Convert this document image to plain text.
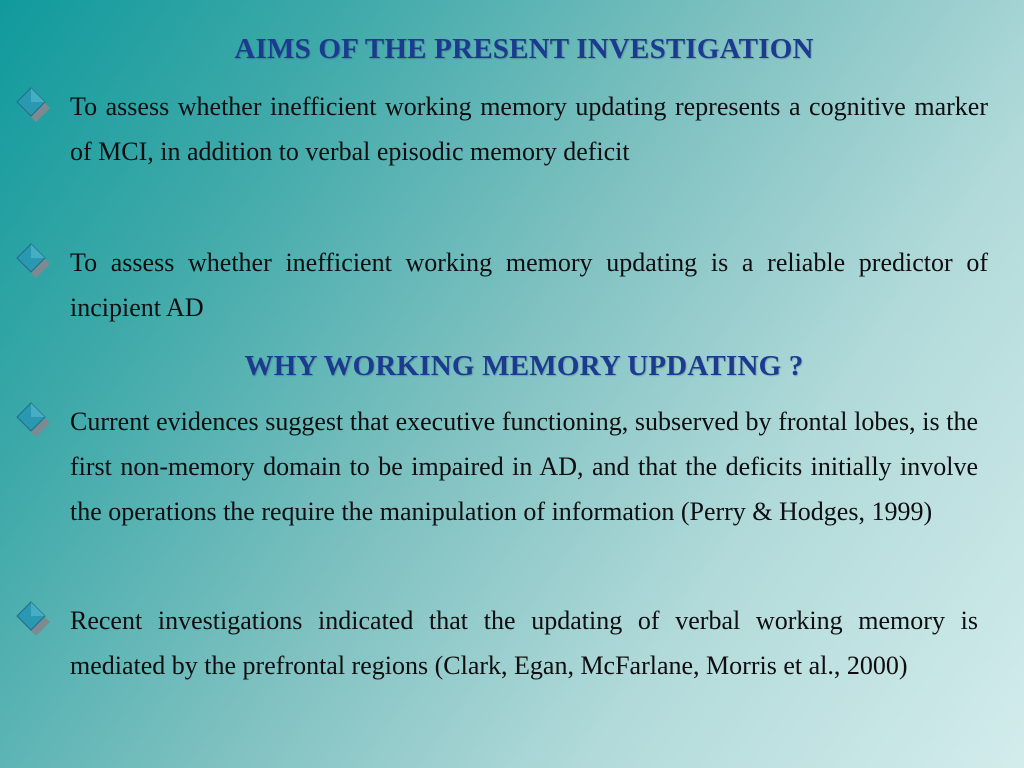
AIMS OF THE PRESENT INVESTIGATION
To assess whether inefficient working memory updating represents a cognitive marker of MCI, in addition to verbal episodic memory deficit
To assess whether inefficient working memory updating is a reliable predictor of incipient AD
WHY WORKING MEMORY UPDATING ?
Current evidences suggest that executive functioning, subserved by frontal lobes, is the first non-memory domain to be impaired in AD, and that the deficits initially involve the operations the require the manipulation of information (Perry & Hodges, 1999)
Recent investigations indicated that the updating of verbal working memory is mediated by the prefrontal regions (Clark, Egan, McFarlane, Morris et al., 2000)
